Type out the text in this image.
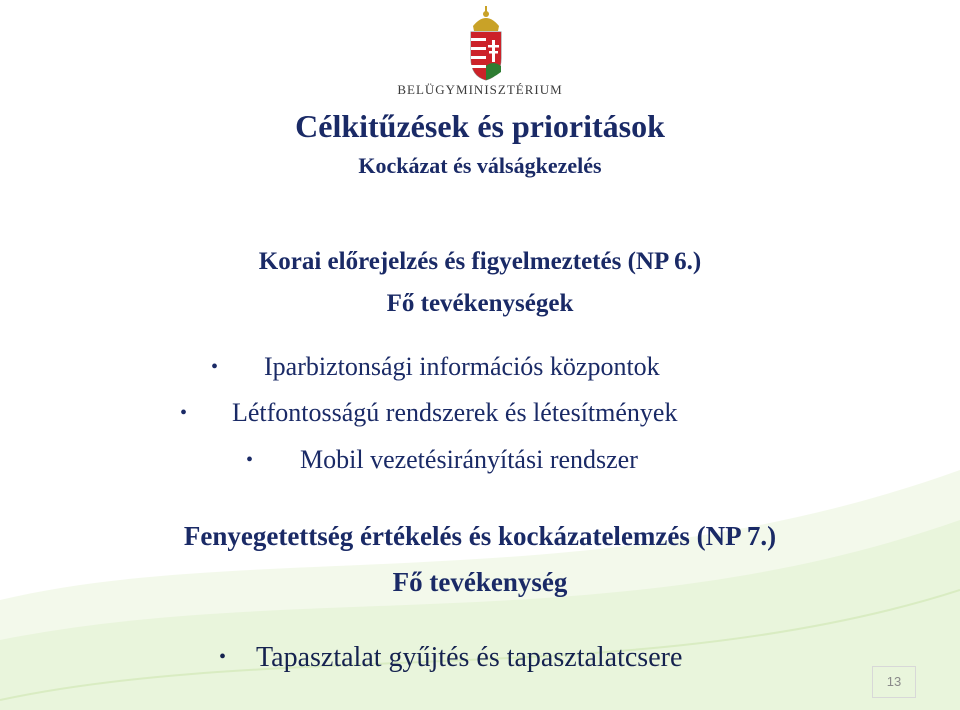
BELÜGYMINISZTÉRIUM
Célkitűzések és prioritások
Kockázat és válságkezelés
Korai előrejelzés és figyelmeztetés (NP 6.)
Fő tevékenységek
• Iparbiztonsági információs központok
• Létfontosságú rendszerek és létesítmények
• Mobil vezetésirányítási rendszer
Fenyegetettség értékelés és kockázatelemzés (NP 7.)
Fő tevékenység
• Tapasztalat gyűjtés és tapasztalatcsere
13
